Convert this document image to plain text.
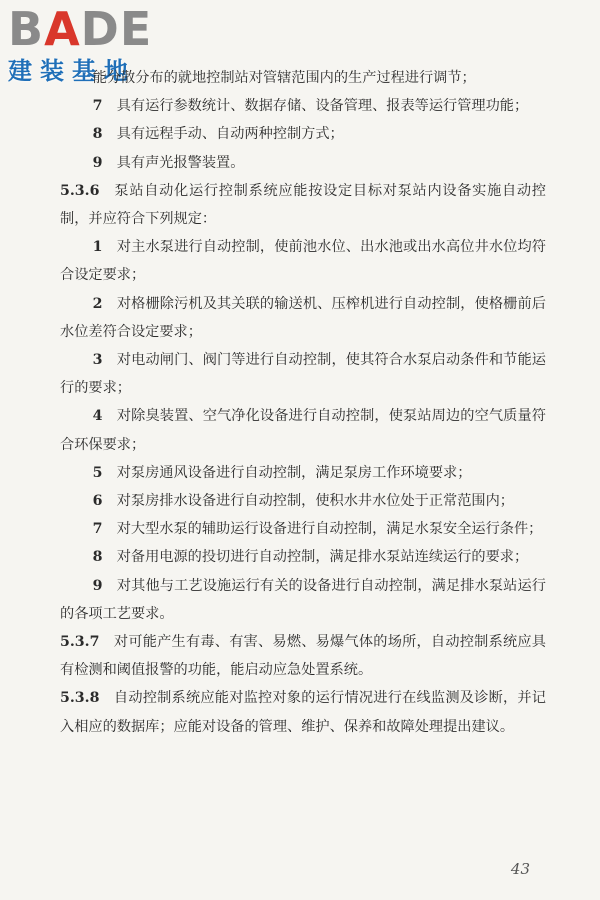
BADE
建装基地

能分散分布的就地控制站对管辖范围内的生产过程进行调节；

7  具有运行参数统计、数据存储、设备管理、报表等运行管理功能；

8  具有远程手动、自动两种控制方式；

9  具有声光报警装置。

5.3.6  泵站自动化运行控制系统应能按设定目标对泵站内设备实施自动控制，并应符合下列规定：

1  对主水泵进行自动控制，使前池水位、出水池或出水高位井水位均符合设定要求；

2  对格栅除污机及其关联的输送机、压榨机进行自动控制，使格栅前后水位差符合设定要求；

3  对电动闸门、阀门等进行自动控制，使其符合水泵启动条件和节能运行的要求；

4  对除臭装置、空气净化设备进行自动控制，使泵站周边的空气质量符合环保要求；

5  对泵房通风设备进行自动控制，满足泵房工作环境要求；

6  对泵房排水设备进行自动控制，使积水井水位处于正常范围内；

7  对大型水泵的辅助运行设备进行自动控制，满足水泵安全运行条件；

8  对备用电源的投切进行自动控制，满足排水泵站连续运行的要求；

9  对其他与工艺设施运行有关的设备进行自动控制，满足排水泵站运行的各项工艺要求。

5.3.7  对可能产生有毒、有害、易燃、易爆气体的场所，自动控制系统应具有检测和阈值报警的功能，能启动应急处置系统。

5.3.8  自动控制系统应能对监控对象的运行情况进行在线监测及诊断，并记入相应的数据库；应能对设备的管理、维护、保养和故障处理提出建议。

43
